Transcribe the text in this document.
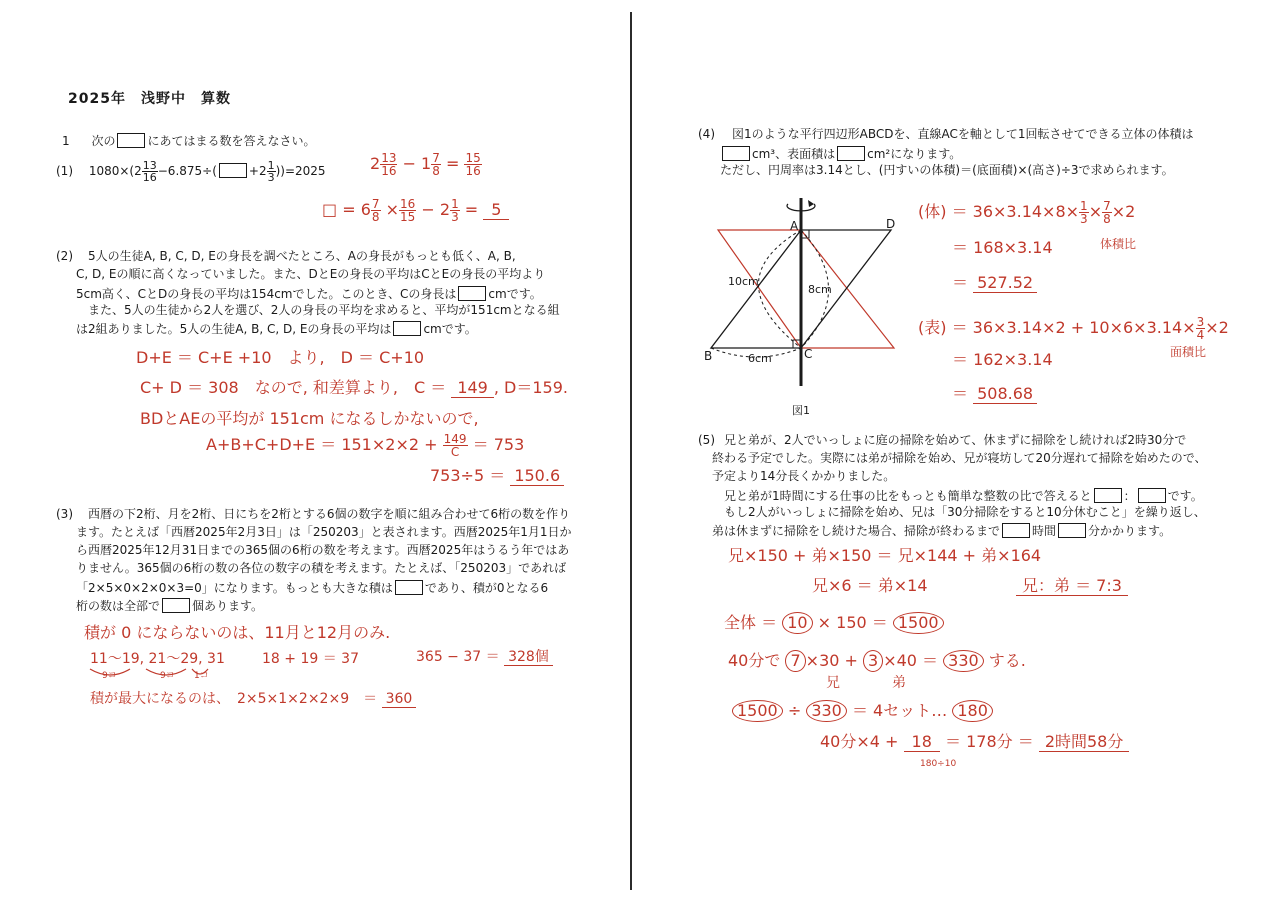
2025年　浅野中　算数
1 次の	にあてはまる数を答えなさい。
(1) $1080\times(2 \frac{13}{16} -6.875\div$(	$+2 \frac{1}{3} ))=2025$	$2 \frac{13}{16} - 1 \frac{7}{8} = \frac{15}{16}$
□ = $6 \frac{7}{8} \times \frac{16}{15} - 2 \frac{1}{3} = 5$
(2) 5人の生徒A, B, C, D, Eの身長を調べたところ、Aの身長がもっとも低く、A, B,
C, D, Eの順に高くなっていました。また、DとEの身長の平均はCとEの身長の平均より
5cm高く、CとDの身長の平均は154cmでした。このとき、Cの身長は	cmです。
また、5人の生徒から2人を選び、2人の身長の平均を求めると、平均が151cmとなる組
は2組ありました。5人の生徒A, B, C, D, Eの身長の平均は	cmです。
D+E ＝ C+E +10　より,　D ＝ C+10
C+ D ＝ 308　なので, 和差算より,　C ＝ 149 , D＝159.
BDとAEの平均が 151cm になるしかないので,
$A+B+C+D+E = 151\times 2\times 2 + \frac{149}{C} = 753$
753÷5 ＝ 150.6
(3) 西暦の下2桁、月を2桁、日にちを2桁とする6個の数字を順に組み合わせて6桁の数を作り
ます。たとえば「西暦2025年2月3日」は「250203」と表されます。西暦2025年1月1日か
ら西暦2025年12月31日までの365個の6桁の数を考えます。西暦2025年はうるう年ではあ
りません。365個の6桁の数の各位の数字の積を考えます。たとえば、「250203」であれば
「2×5×0×2×0×3=0」になります。もっとも大きな積は	であり、積が0となる6
桁の数は全部で	個あります。
積が 0 にならないのは、11月と12月のみ.
11～19, 21～29, 31
9コ	9コ 1コ
18 + 19 ＝ 37	365 − 37 ＝ 328個
積が最大になるのは、　2×5×1×2×2×9　＝ 360
(4) 図1のような平行四辺形ABCDを、直線ACを軸として1回転させてできる立体の体積は
cm³、表面積は	cm²になります。
ただし、円周率は3.14とし、(円すいの体積)＝(底面積)×(高さ)÷3で求められます。
A	D
B	C
10cm
8cm
6cm
図1
(体) ＝ $36\times 3.14\times 8\times \frac{1}{3} \times \frac{7}{8} \times 2$
体積比
＝ 168×3.14
＝ 527.52
(表) ＝ $36\times 3.14\times 2 + 10\times 6\times 3.14\times \frac{3}{4} \times 2$
面積比
＝ 162×3.14
＝ 508.68
(5) 兄と弟が、2人でいっしょに庭の掃除を始めて、休まずに掃除をし続ければ2時30分で
終わる予定でした。実際には弟が掃除を始め、兄が寝坊して20分遅れて掃除を始めたので、
予定より14分長くかかりました。
兄と弟が1時間にする仕事の比をもっとも簡単な整数の比で答えると	：	です。
もし2人がいっしょに掃除を始め、兄は「30分掃除をすると10分休むこと」を繰り返し、
弟は休まずに掃除をし続けた場合、掃除が終わるまで	時間	分かかります。
兄×150 + 弟×150 ＝ 兄×144 + 弟×164
兄×6 ＝ 弟×14	兄：弟 ＝ 7:3
全体 ＝ 10 × 150 ＝ 1500
40分で 7 ×30 + 3 ×40 ＝ 330 する.
兄	弟
1500 ÷ 330 ＝ 4セット… 180
40分×4 + 18 ＝ 178分 ＝ 2時間58分
180÷10
